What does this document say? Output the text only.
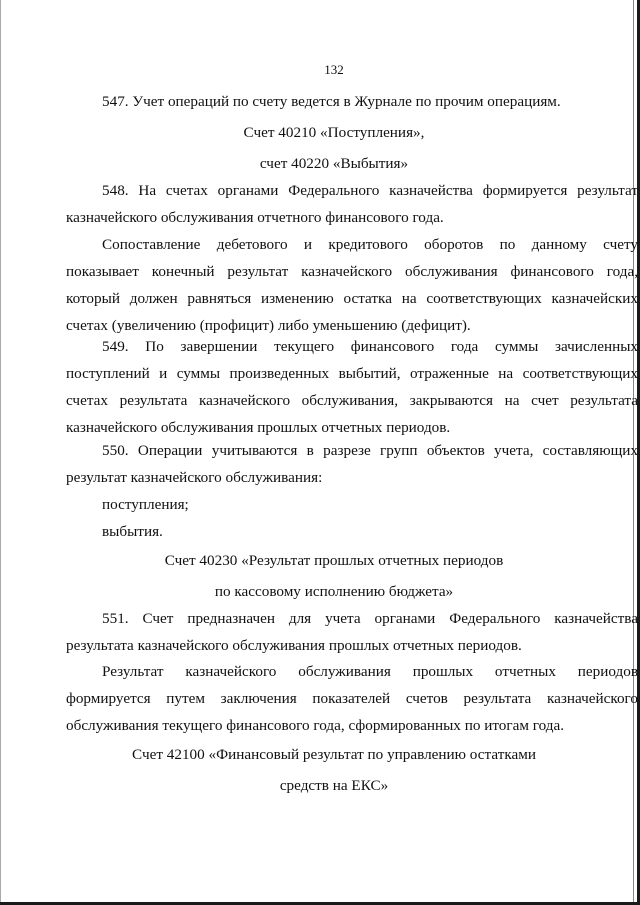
132

547. Учет операций по счету ведется в Журнале по прочим операциям.

Счет 40210 «Поступления»,
счет 40220 «Выбытия»
548. На счетах органами Федерального казначейства формируется результат
казначейского обслуживания отчетного финансового года.
Сопоставление дебетового и кредитового оборотов по данному счету
показывает конечный результат казначейского обслуживания финансового года,
который должен равняться изменению остатка на соответствующих казначейских
счетах (увеличению (профицит) либо уменьшению (дефицит).
549. По завершении текущего финансового года суммы зачисленных
поступлений и суммы произведенных выбытий, отраженные на соответствующих
счетах результата казначейского обслуживания, закрываются на счет результата
казначейского обслуживания прошлых отчетных периодов.
550. Операции учитываются в разрезе групп объектов учета, составляющих
результат казначейского обслуживания:
поступления;
выбытия.
Счет 40230 «Результат прошлых отчетных периодов
по кассовому исполнению бюджета»
551. Счет предназначен для учета органами Федерального казначейства
результата казначейского обслуживания прошлых отчетных периодов.
Результат казначейского обслуживания прошлых отчетных периодов
формируется путем заключения показателей счетов результата казначейского
обслуживания текущего финансового года, сформированных по итогам года.
Счет 42100 «Финансовый результат по управлению остатками
средств на ЕКС»
